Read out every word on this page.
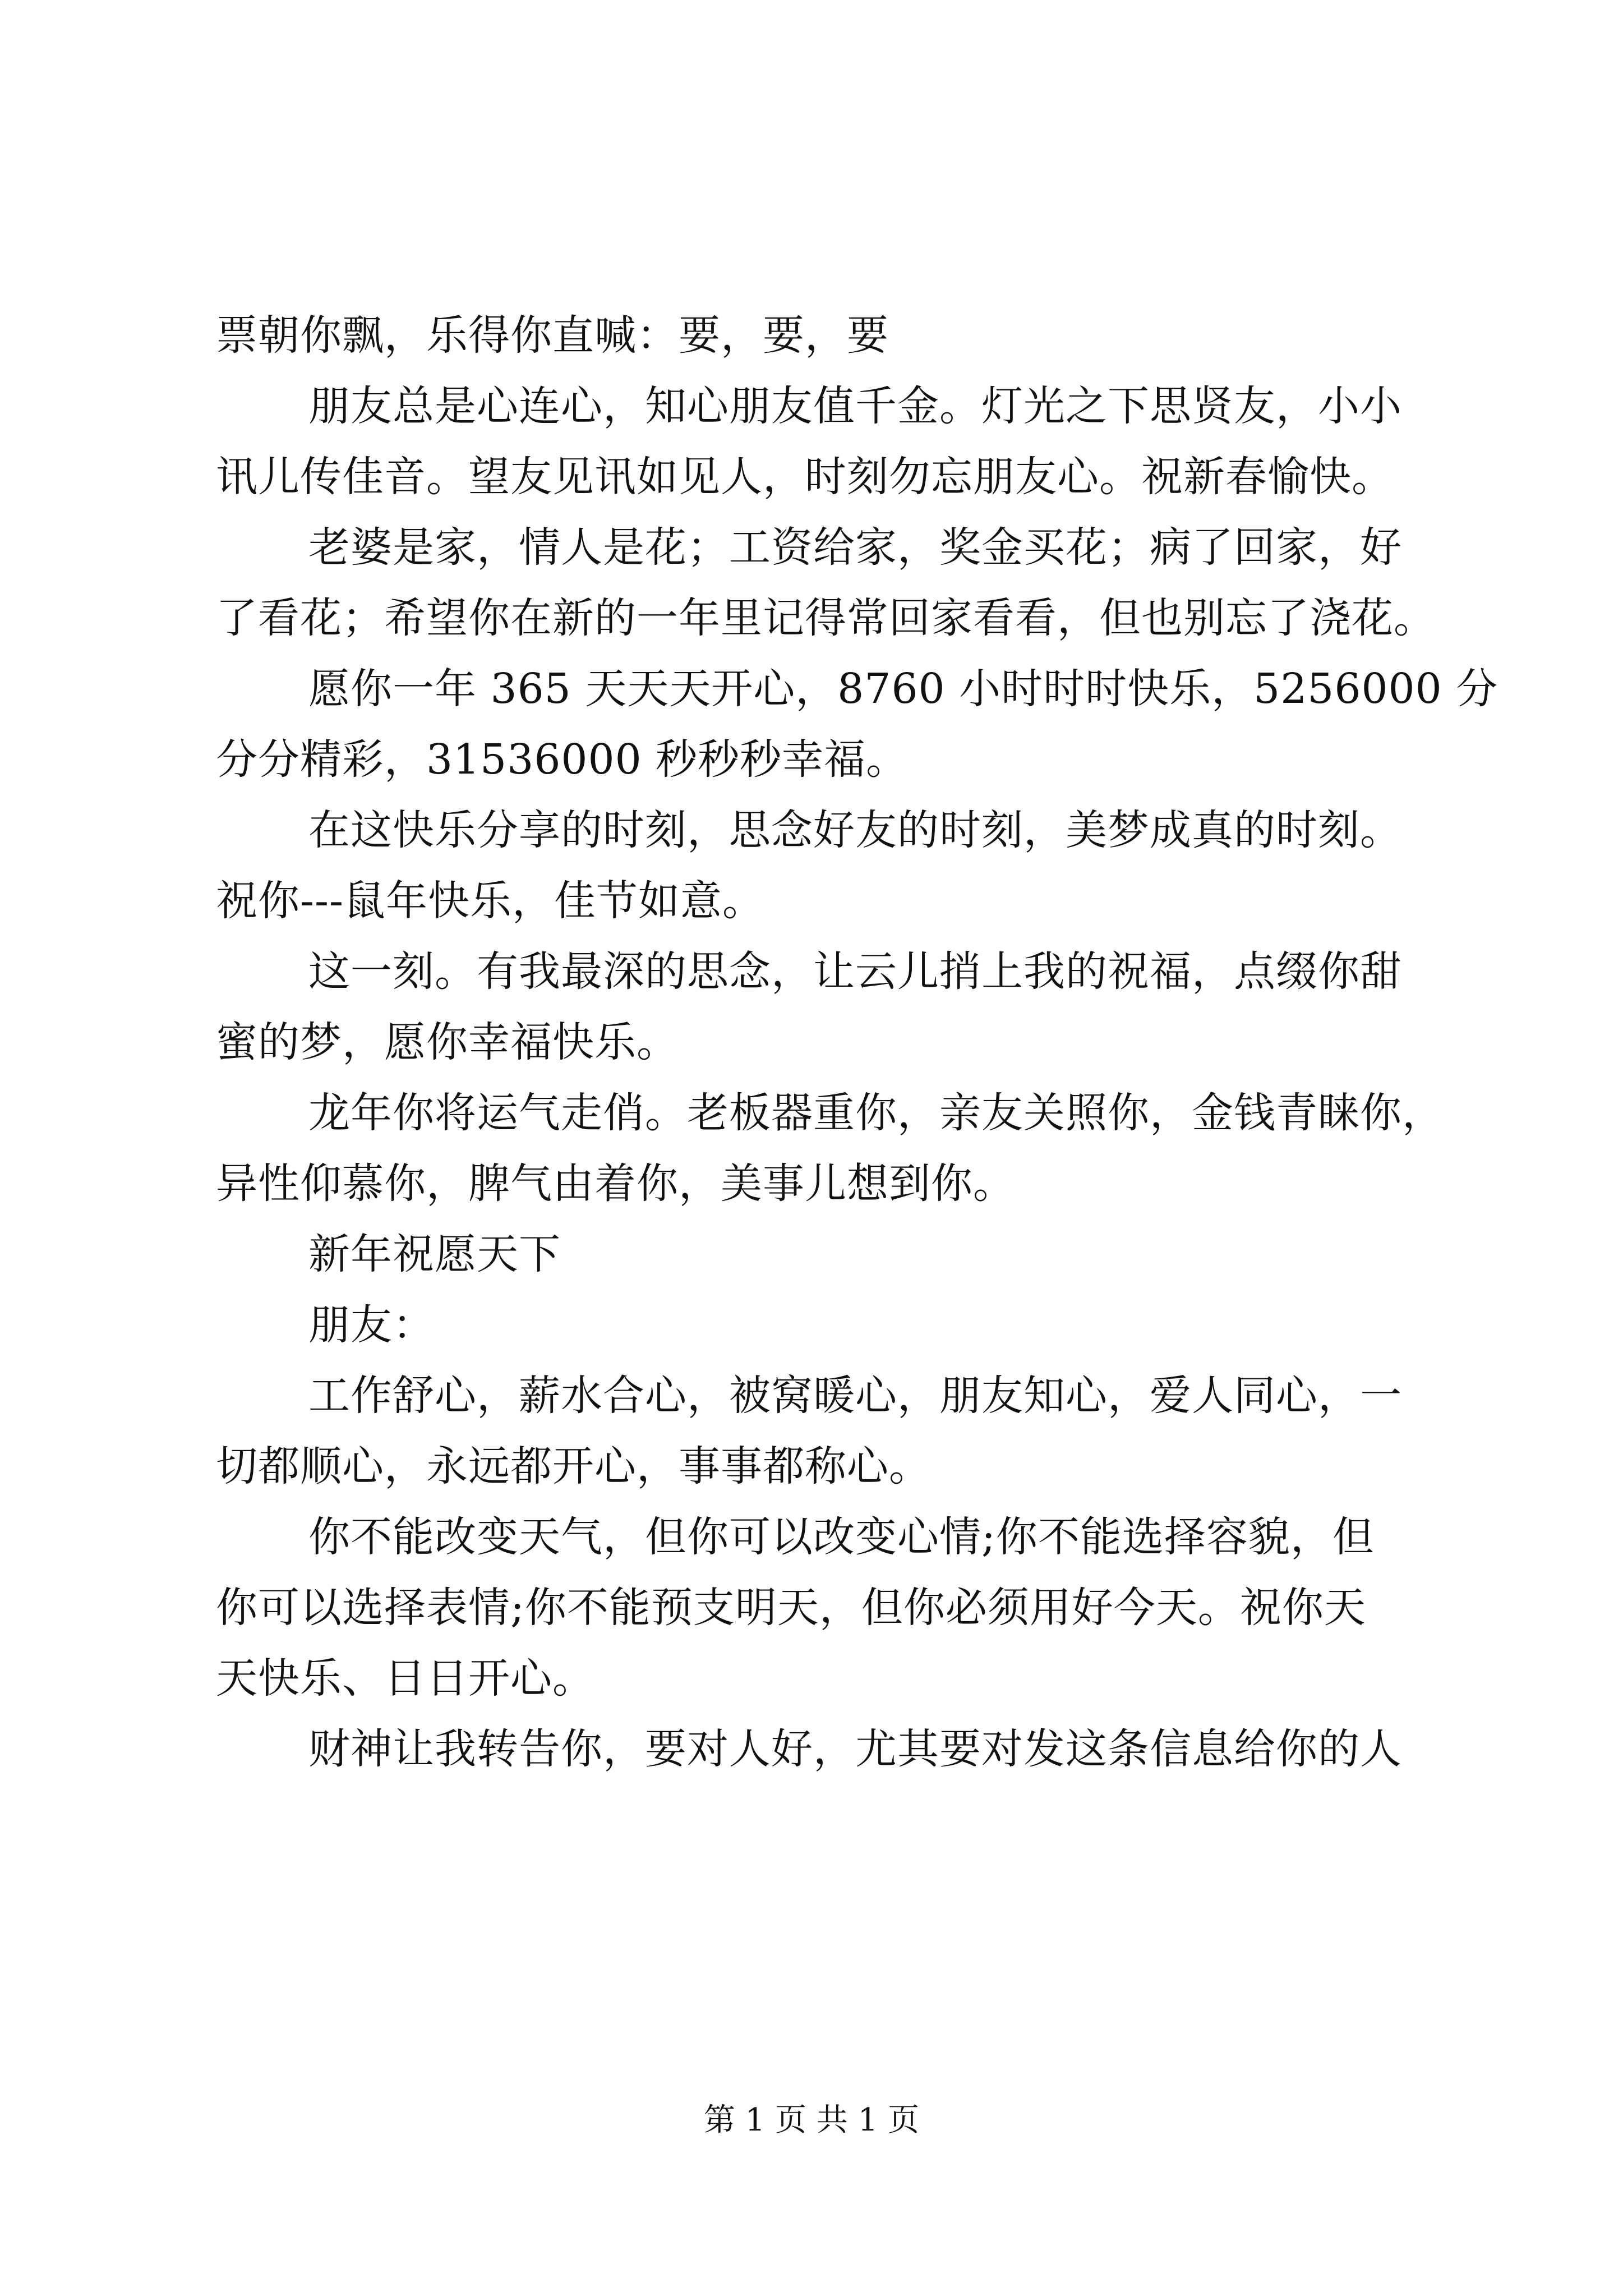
票朝你飘，乐得你直喊：要，要，要
朋友总是心连心，知心朋友值千金。灯光之下思贤友，小小
讯儿传佳音。望友见讯如见人，时刻勿忘朋友心。祝新春愉快。
老婆是家，情人是花；工资给家，奖金买花；病了回家，好
了看花；希望你在新的一年里记得常回家看看，但也别忘了浇花。
愿你一年 365 天天天开心，8760 小时时时快乐，5256000 分
分分精彩，31536000 秒秒秒幸福。
在这快乐分享的时刻，思念好友的时刻，美梦成真的时刻。
祝你---鼠年快乐，佳节如意。
这一刻。有我最深的思念，让云儿捎上我的祝福，点缀你甜
蜜的梦，愿你幸福快乐。
龙年你将运气走俏。老板器重你，亲友关照你，金钱青睐你，
异性仰慕你，脾气由着你，美事儿想到你。
新年祝愿天下
朋友：
工作舒心，薪水合心，被窝暖心，朋友知心，爱人同心，一
切都顺心，永远都开心，事事都称心。
你不能改变天气，但你可以改变心情;你不能选择容貌，但
你可以选择表情;你不能预支明天，但你必须用好今天。祝你天
天快乐、日日开心。
财神让我转告你，要对人好，尤其要对发这条信息给你的人
第 1 页 共 1 页
